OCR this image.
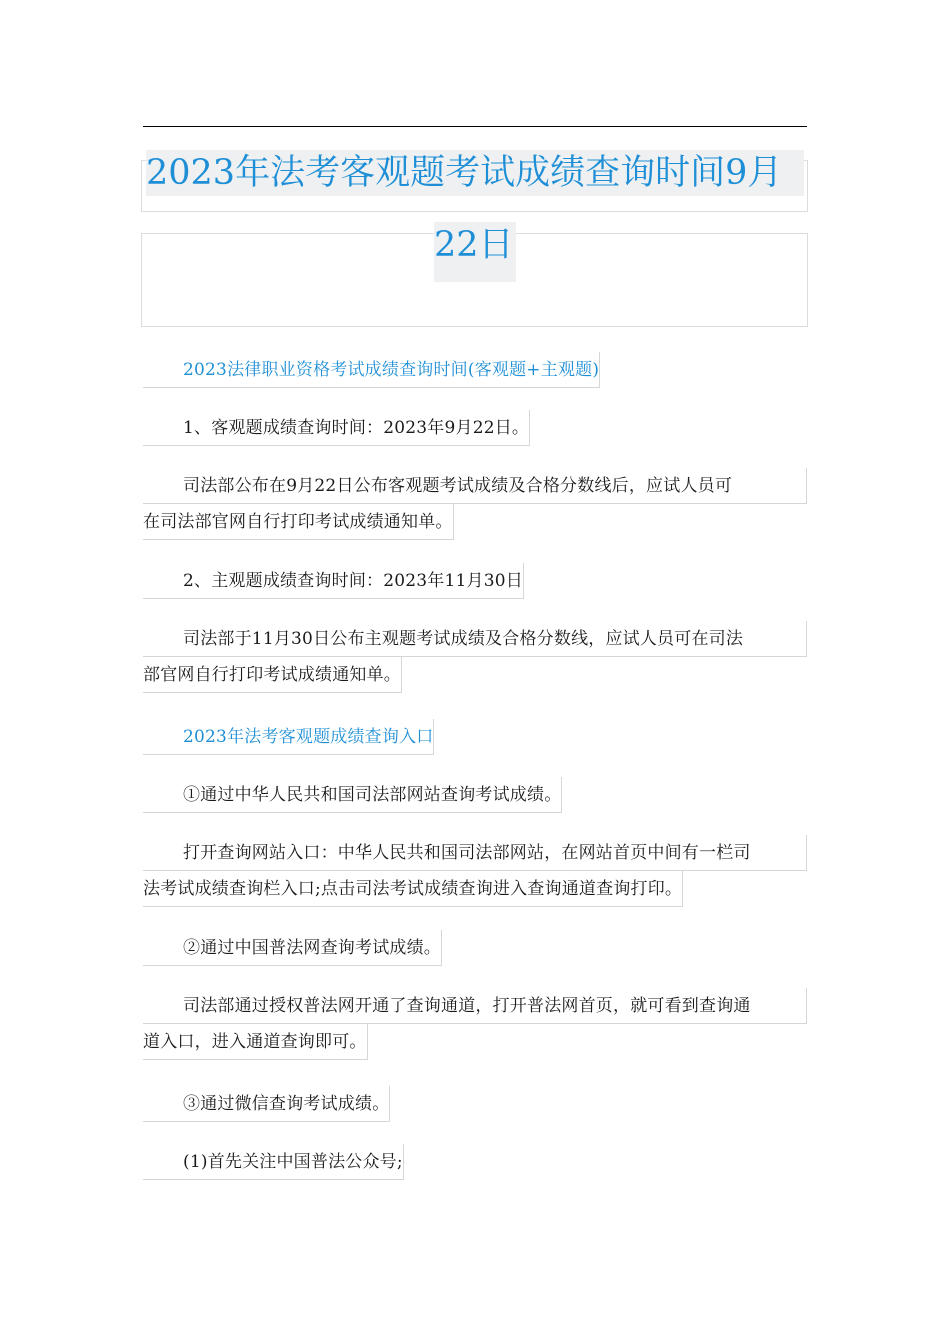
2023年法考客观题考试成绩查询时间9月
22日
2023法律职业资格考试成绩查询时间(客观题+主观题)
1、客观题成绩查询时间：2023年9月22日。
司法部公布在9月22日公布客观题考试成绩及合格分数线后，应试人员可
在司法部官网自行打印考试成绩通知单。
2、主观题成绩查询时间：2023年11月30日
司法部于11月30日公布主观题考试成绩及合格分数线，应试人员可在司法
部官网自行打印考试成绩通知单。
2023年法考客观题成绩查询入口
①通过中华人民共和国司法部网站查询考试成绩。
打开查询网站入口：中华人民共和国司法部网站，在网站首页中间有一栏司
法考试成绩查询栏入口;点击司法考试成绩查询进入查询通道查询打印。
②通过中国普法网查询考试成绩。
司法部通过授权普法网开通了查询通道，打开普法网首页，就可看到查询通
道入口，进入通道查询即可。
③通过微信查询考试成绩。
(1)首先关注中国普法公众号;
